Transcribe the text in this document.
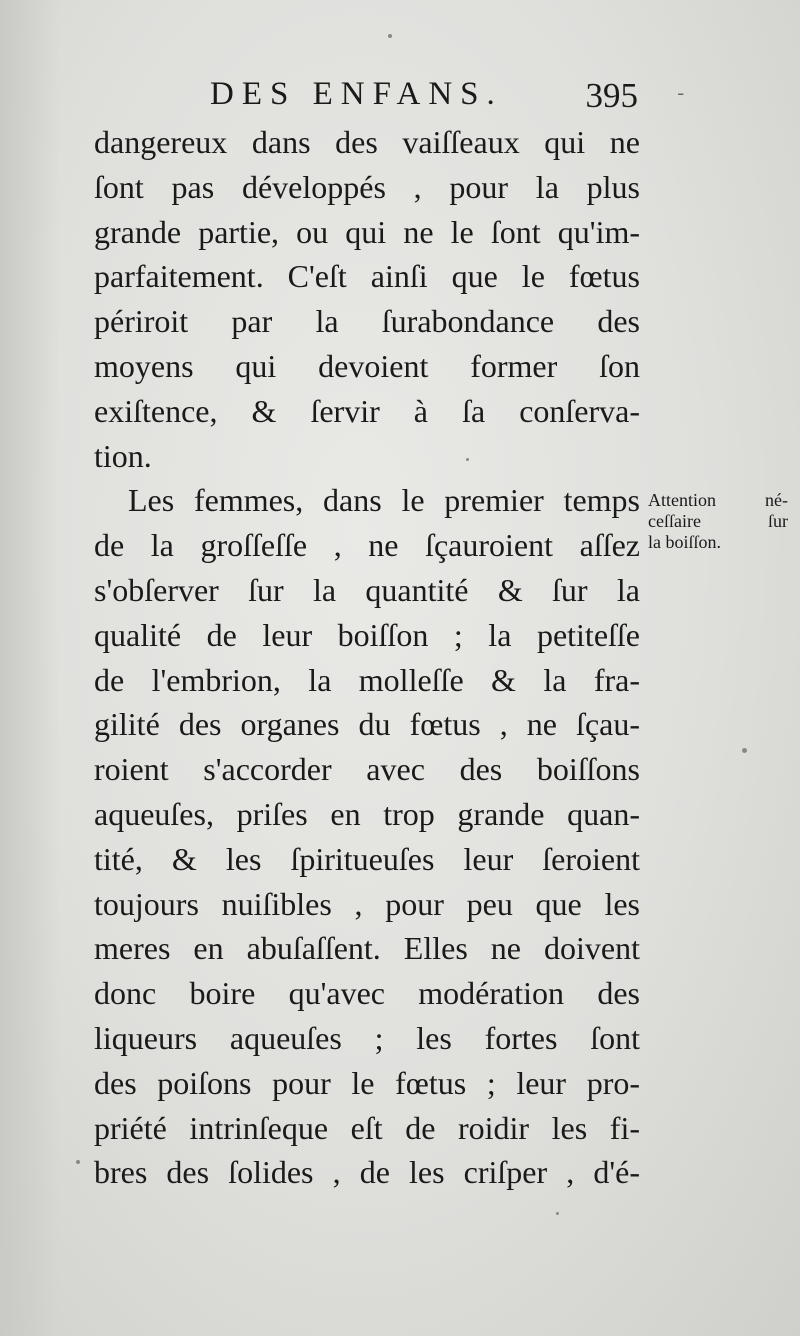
DES ENFANS. 395 -
dangereux dans des vaiſſeaux qui ne
ſont pas développés , pour la plus
grande partie, ou qui ne le ſont qu'im-
parfaitement. C'eſt ainſi que le fœtus
périroit par la ſurabondance des
moyens qui devoient former ſon
exiſtence, & ſervir à ſa conſerva-
tion.
Les femmes, dans le premier temps
de la groſſeſſe , ne ſçauroient aſſez
s'obſerver ſur la quantité & ſur la
qualité de leur boiſſon ; la petiteſſe
de l'embrion, la molleſſe & la fra-
gilité des organes du fœtus , ne ſçau-
roient s'accorder avec des boiſſons
aqueuſes, priſes en trop grande quan-
tité, & les ſpiritueuſes leur ſeroient
toujours nuiſibles , pour peu que les
meres en abuſaſſent. Elles ne doivent
donc boire qu'avec modération des
liqueurs aqueuſes ; les fortes ſont
des poiſons pour le fœtus ; leur pro-
priété intrinſeque eſt de roidir les fi-
bres des ſolides , de les criſper , d'é-
Attention né-
ceſſaire ſur
la boiſſon.
